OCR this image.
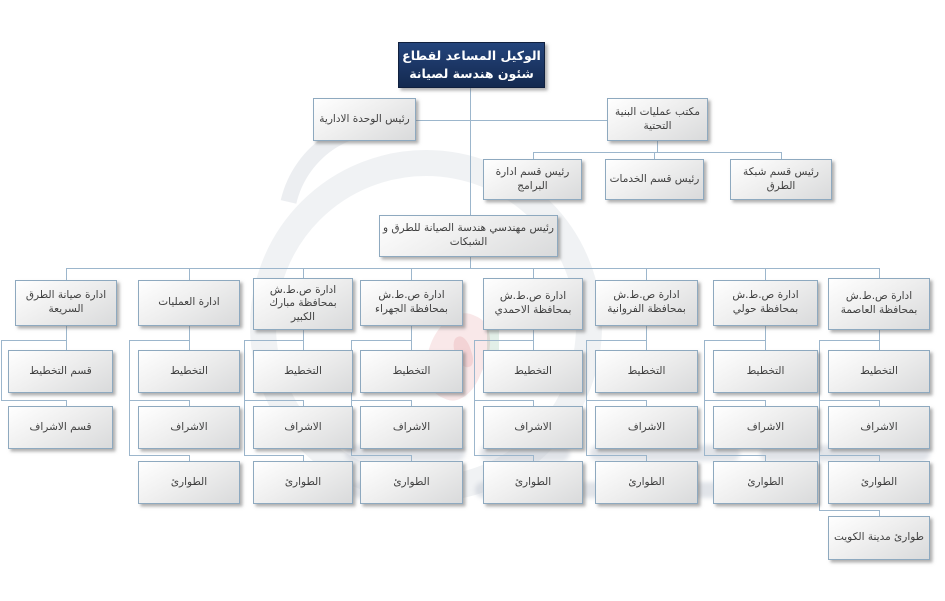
الوكيل المساعد لقطاع شئون هندسة لصيانة
رئيس الوحدة الادارية
مكتب عمليات البنية التحتية
رئيس قسم ادارة البرامج
رئيس قسم الخدمات
رئيس قسم شبكة الطرق
رئيس مهندسي هندسة الصيانة للطرق و الشبكات
ادارة صيانة الطرق السريعة
قسم التخطيط
قسم الاشراف
ادارة العمليات
التخطيط
الاشراف
الطوارئ
ادارة ص.ط.ش بمحافظة مبارك الكبير
التخطيط
الاشراف
الطوارئ
ادارة ص.ط.ش بمحافظة الجهراء
التخطيط
الاشراف
الطوارئ
ادارة ص.ط.ش بمحافظة الاحمدي
التخطيط
الاشراف
الطوارئ
ادارة ص.ط.ش بمحافظة الفروانية
التخطيط
الاشراف
الطوارئ
ادارة ص.ط.ش بمحافظة حولي
التخطيط
الاشراف
الطوارئ
ادارة ص.ط.ش بمحافظة العاصمة
التخطيط
الاشراف
الطوارئ
طوارئ مدينة الكويت
